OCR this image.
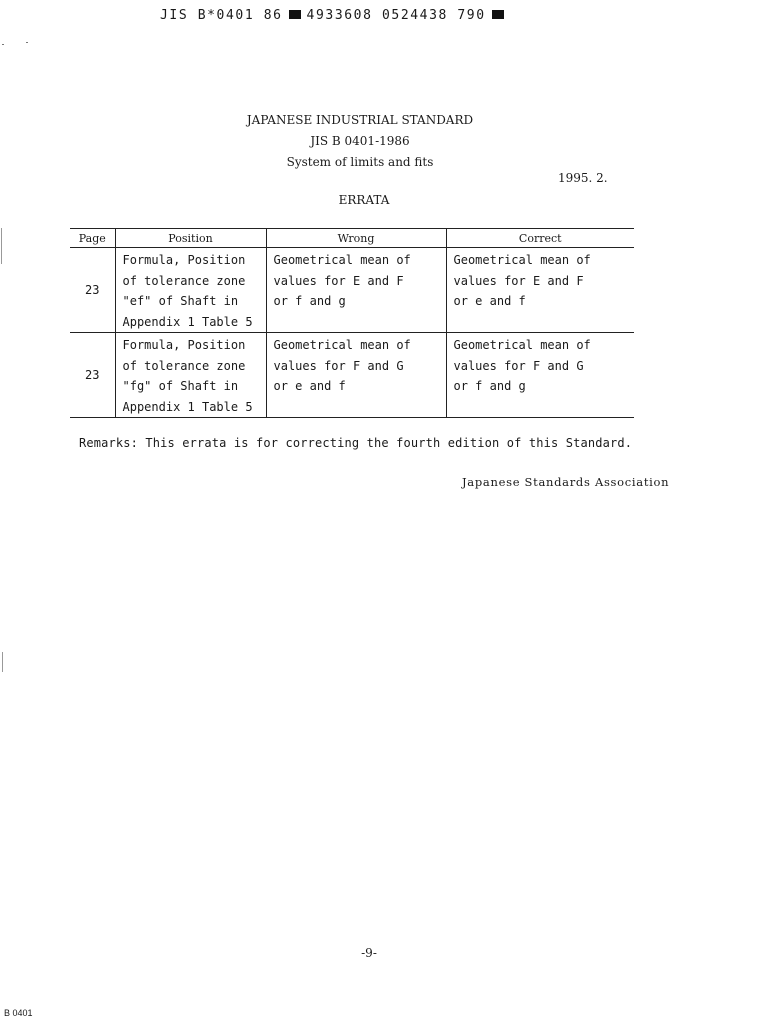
JIS B*0401 86 4933608 0524438 790
JAPANESE INDUSTRIAL STANDARD
JIS B 0401-1986
System of limits and fits
1995. 2.
ERRATA
Page	Position	Wrong	Correct
23	Formula, Position
of tolerance zone
"ef" of Shaft in
Appendix 1 Table 5	Geometrical mean of
values for E and F
or f and g	Geometrical mean of
values for E and F
or e and f

23	Formula, Position
of tolerance zone
"fg" of Shaft in
Appendix 1 Table 5	Geometrical mean of
values for F and G
or e and f	Geometrical mean of
values for F and G
or f and g
Remarks: This errata is for correcting the fourth edition of this Standard.
Japanese Standards Association
-9-
B 0401
